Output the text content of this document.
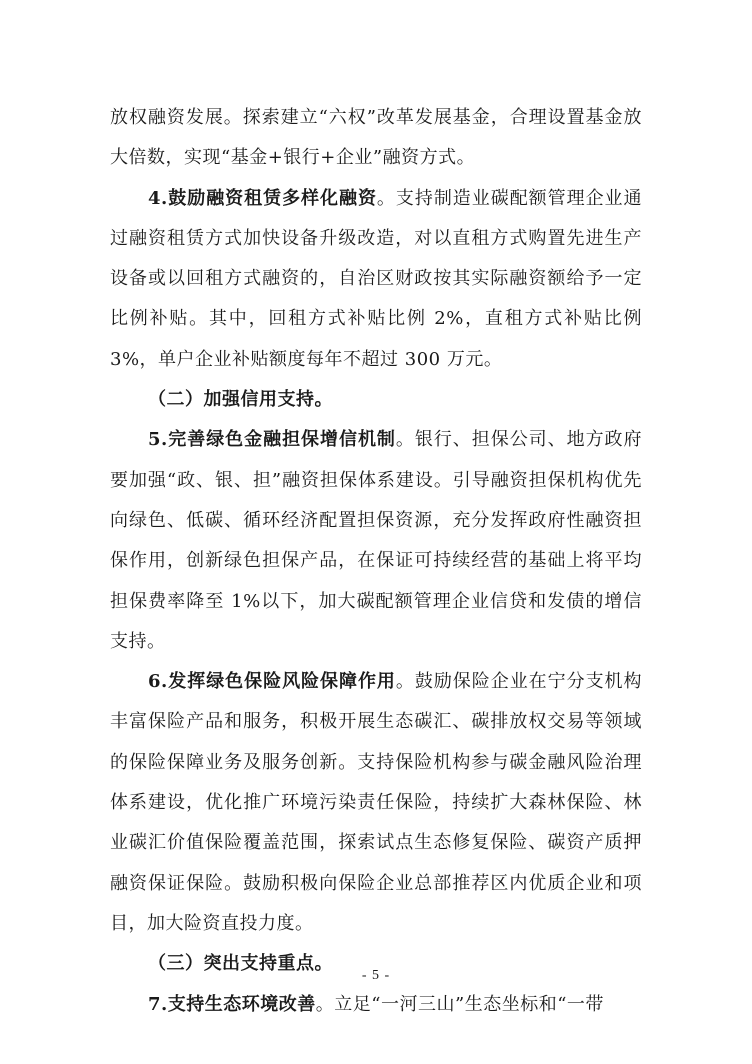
放权融资发展。探索建立“六权”改革发展基金，合理设置基金放大倍数，实现“基金+银行+企业”融资方式。

4.鼓励融资租赁多样化融资。支持制造业碳配额管理企业通过融资租赁方式加快设备升级改造，对以直租方式购置先进生产设备或以回租方式融资的，自治区财政按其实际融资额给予一定比例补贴。其中，回租方式补贴比例 2%，直租方式补贴比例 3%，单户企业补贴额度每年不超过 300 万元。

（二）加强信用支持。

5.完善绿色金融担保增信机制。银行、担保公司、地方政府要加强“政、银、担”融资担保体系建设。引导融资担保机构优先向绿色、低碳、循环经济配置担保资源，充分发挥政府性融资担保作用，创新绿色担保产品，在保证可持续经营的基础上将平均担保费率降至 1%以下，加大碳配额管理企业信贷和发债的增信支持。

6.发挥绿色保险风险保障作用。鼓励保险企业在宁分支机构丰富保险产品和服务，积极开展生态碳汇、碳排放权交易等领域的保险保障业务及服务创新。支持保险机构参与碳金融风险治理体系建设，优化推广环境污染责任保险，持续扩大森林保险、林业碳汇价值保险覆盖范围，探索试点生态修复保险、碳资产质押融资保证保险。鼓励积极向保险企业总部推荐区内优质企业和项目，加大险资直投力度。

（三）突出支持重点。

7.支持生态环境改善。立足“一河三山”生态坐标和“一带

- 5 -
